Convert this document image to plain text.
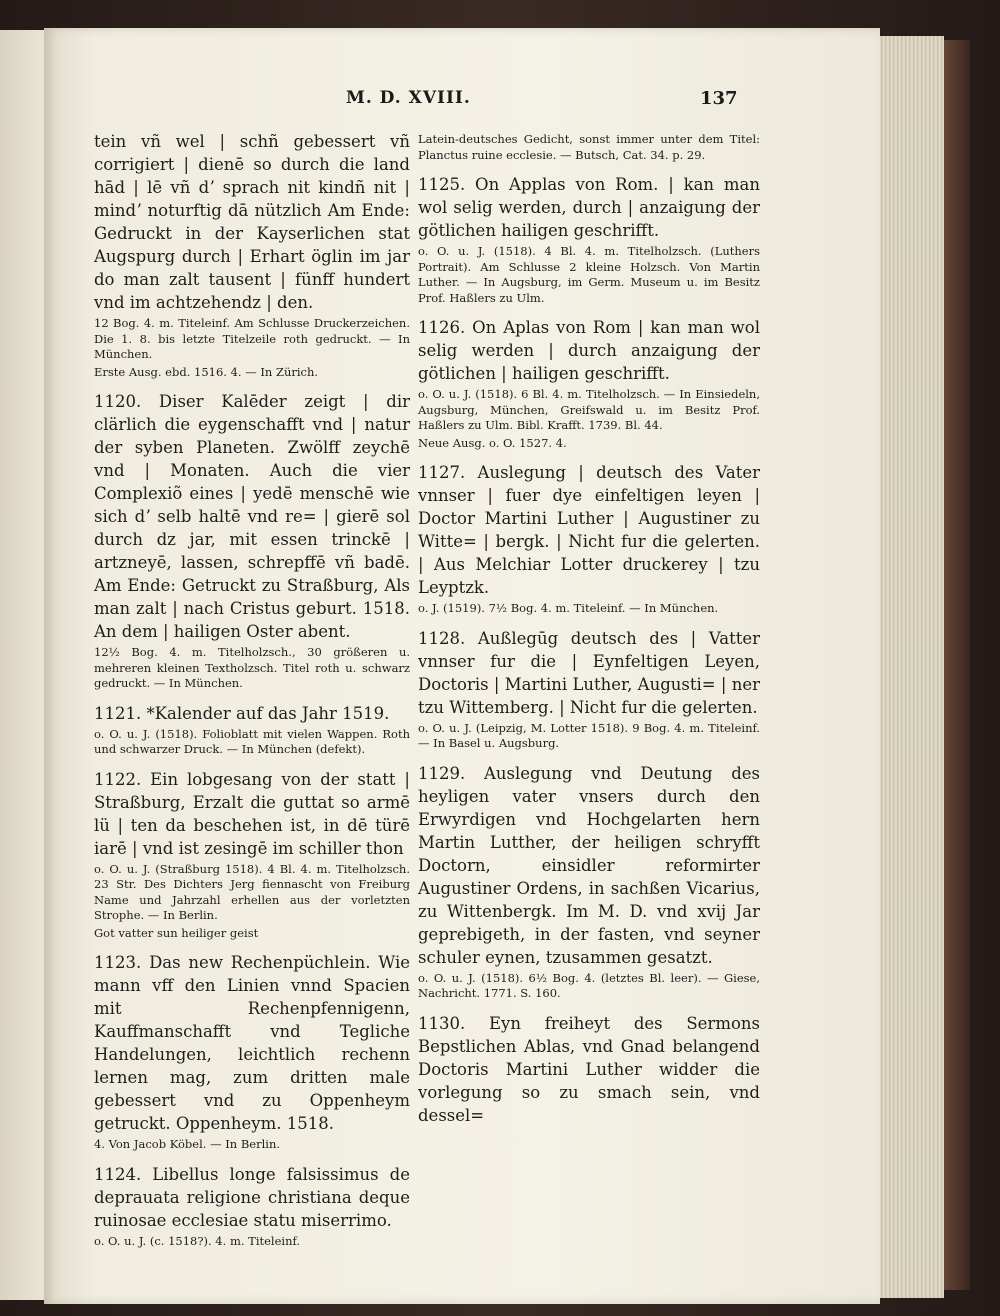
M. D. XVIII.	137

tein vñ wel | schñ gebessert vñ corrigiert | dienē so durch die land hād | lē vñ dʼ sprach nit kindñ nit | mindʼ noturftig dā nützlich Am Ende: Gedruckt in der Kayserlichen stat Augspurg durch | Erhart öglin im jar do man zalt tausent | fünff hundert vnd im achtzehendz | den.

12 Bog. 4. m. Titeleinf. Am Schlusse Druckerzeichen. Die 1. 8. bis letzte Titelzeile roth gedruckt. — In München.

Erste Ausg. ebd. 1516. 4. — In Zürich.

1120. Diser Kalēder zeigt | dir clärlich die eygenschafft vnd | natur der syben Planeten. Zwölff zeychē vnd | Monaten. Auch die vier Complexiõ eines | yedē menschē wie sich dʼ selb haltē vnd re= | gierē sol durch dz jar, mit essen trinckē | artzneyē, lassen, schrepffē vñ badē. Am Ende: Getruckt zu Straßburg, Als man zalt | nach Cristus geburt. 1518. An dem | hailigen Oster abent.

12½ Bog. 4. m. Titelholzsch., 30 größeren u. mehreren kleinen Textholzsch. Titel roth u. schwarz gedruckt. — In München.

1121. *Kalender auf das Jahr 1519.

o. O. u. J. (1518). Folioblatt mit vielen Wappen. Roth und schwarzer Druck. — In München (defekt).

1122. Ein lobgesang von der statt | Straßburg, Erzalt die guttat so armē lü | ten da beschehen ist, in dē türē iarē | vnd ist zesingē im schiller thon

o. O. u. J. (Straßburg 1518). 4 Bl. 4. m. Titelholzsch. 23 Str. Des Dichters Jerg fiennascht von Freiburg Name und Jahrzahl erhellen aus der vorletzten Strophe. — In Berlin.

Got vatter sun heiliger geist

1123. Das new Rechenpüchlein. Wie mann vff den Linien vnnd Spacien mit Rechenpfennigenn, Kauffmanschafft vnd Tegliche Handelungen, leichtlich rechenn lernen mag, zum dritten male gebessert vnd zu Oppenheym getruckt. Oppenheym. 1518.

4. Von Jacob Köbel. — In Berlin.

1124. Libellus longe falsissimus de deprauata religione christiana deque ruinosae ecclesiae statu miserrimo.

o. O. u. J. (c. 1518?). 4. m. Titeleinf.

Latein-deutsches Gedicht, sonst immer unter dem Titel: Planctus ruine ecclesie. — Butsch, Cat. 34. p. 29.

1125. On Applas von Rom. | kan man wol selig werden, durch | anzaigung der götlichen hailigen geschrifft.

o. O. u. J. (1518). 4 Bl. 4. m. Titelholzsch. (Luthers Portrait). Am Schlusse 2 kleine Holzsch. Von Martin Luther. — In Augsburg, im Germ. Museum u. im Besitz Prof. Haßlers zu Ulm.

1126. On Aplas von Rom | kan man wol selig werden | durch anzaigung der götlichen | hailigen geschrifft.

o. O. u. J. (1518). 6 Bl. 4. m. Titelholzsch. — In Einsiedeln, Augsburg, München, Greifswald u. im Besitz Prof. Haßlers zu Ulm. Bibl. Krafft. 1739. Bl. 44.

Neue Ausg. o. O. 1527. 4.

1127. Auslegung | deutsch des Vater vnnser | fuer dye einfeltigen leyen | Doctor Martini Luther | Augustiner zu Witte= | bergk. | Nicht fur die gelerten. | Aus Melchiar Lotter druckerey | tzu Leyptzk.

o. J. (1519). 7½ Bog. 4. m. Titeleinf. — In München.

1128. Außlegūg deutsch des | Vatter vnnser fur die | Eynfeltigen Leyen, Doctoris | Martini Luther, Augusti= | ner tzu Wittemberg. | Nicht fur die gelerten.

o. O. u. J. (Leipzig, M. Lotter 1518). 9 Bog. 4. m. Titeleinf. — In Basel u. Augsburg.

1129. Auslegung vnd Deutung des heyligen vater vnsers durch den Erwyrdigen vnd Hochgelarten hern Martin Lutther, der heiligen schryfft Doctorn, einsidler reformirter Augustiner Ordens, in sachßen Vicarius, zu Wittenbergk. Im M. D. vnd xvij Jar geprebigeth, in der fasten, vnd seyner schuler eynen, tzusammen gesatzt.

o. O. u. J. (1518). 6½ Bog. 4. (letztes Bl. leer). — Giese, Nachricht. 1771. S. 160.

1130. Eyn freiheyt des Sermons Bepstlichen Ablas, vnd Gnad belangend Doctoris Martini Luther widder die vorlegung so zu smach sein, vnd dessel=
